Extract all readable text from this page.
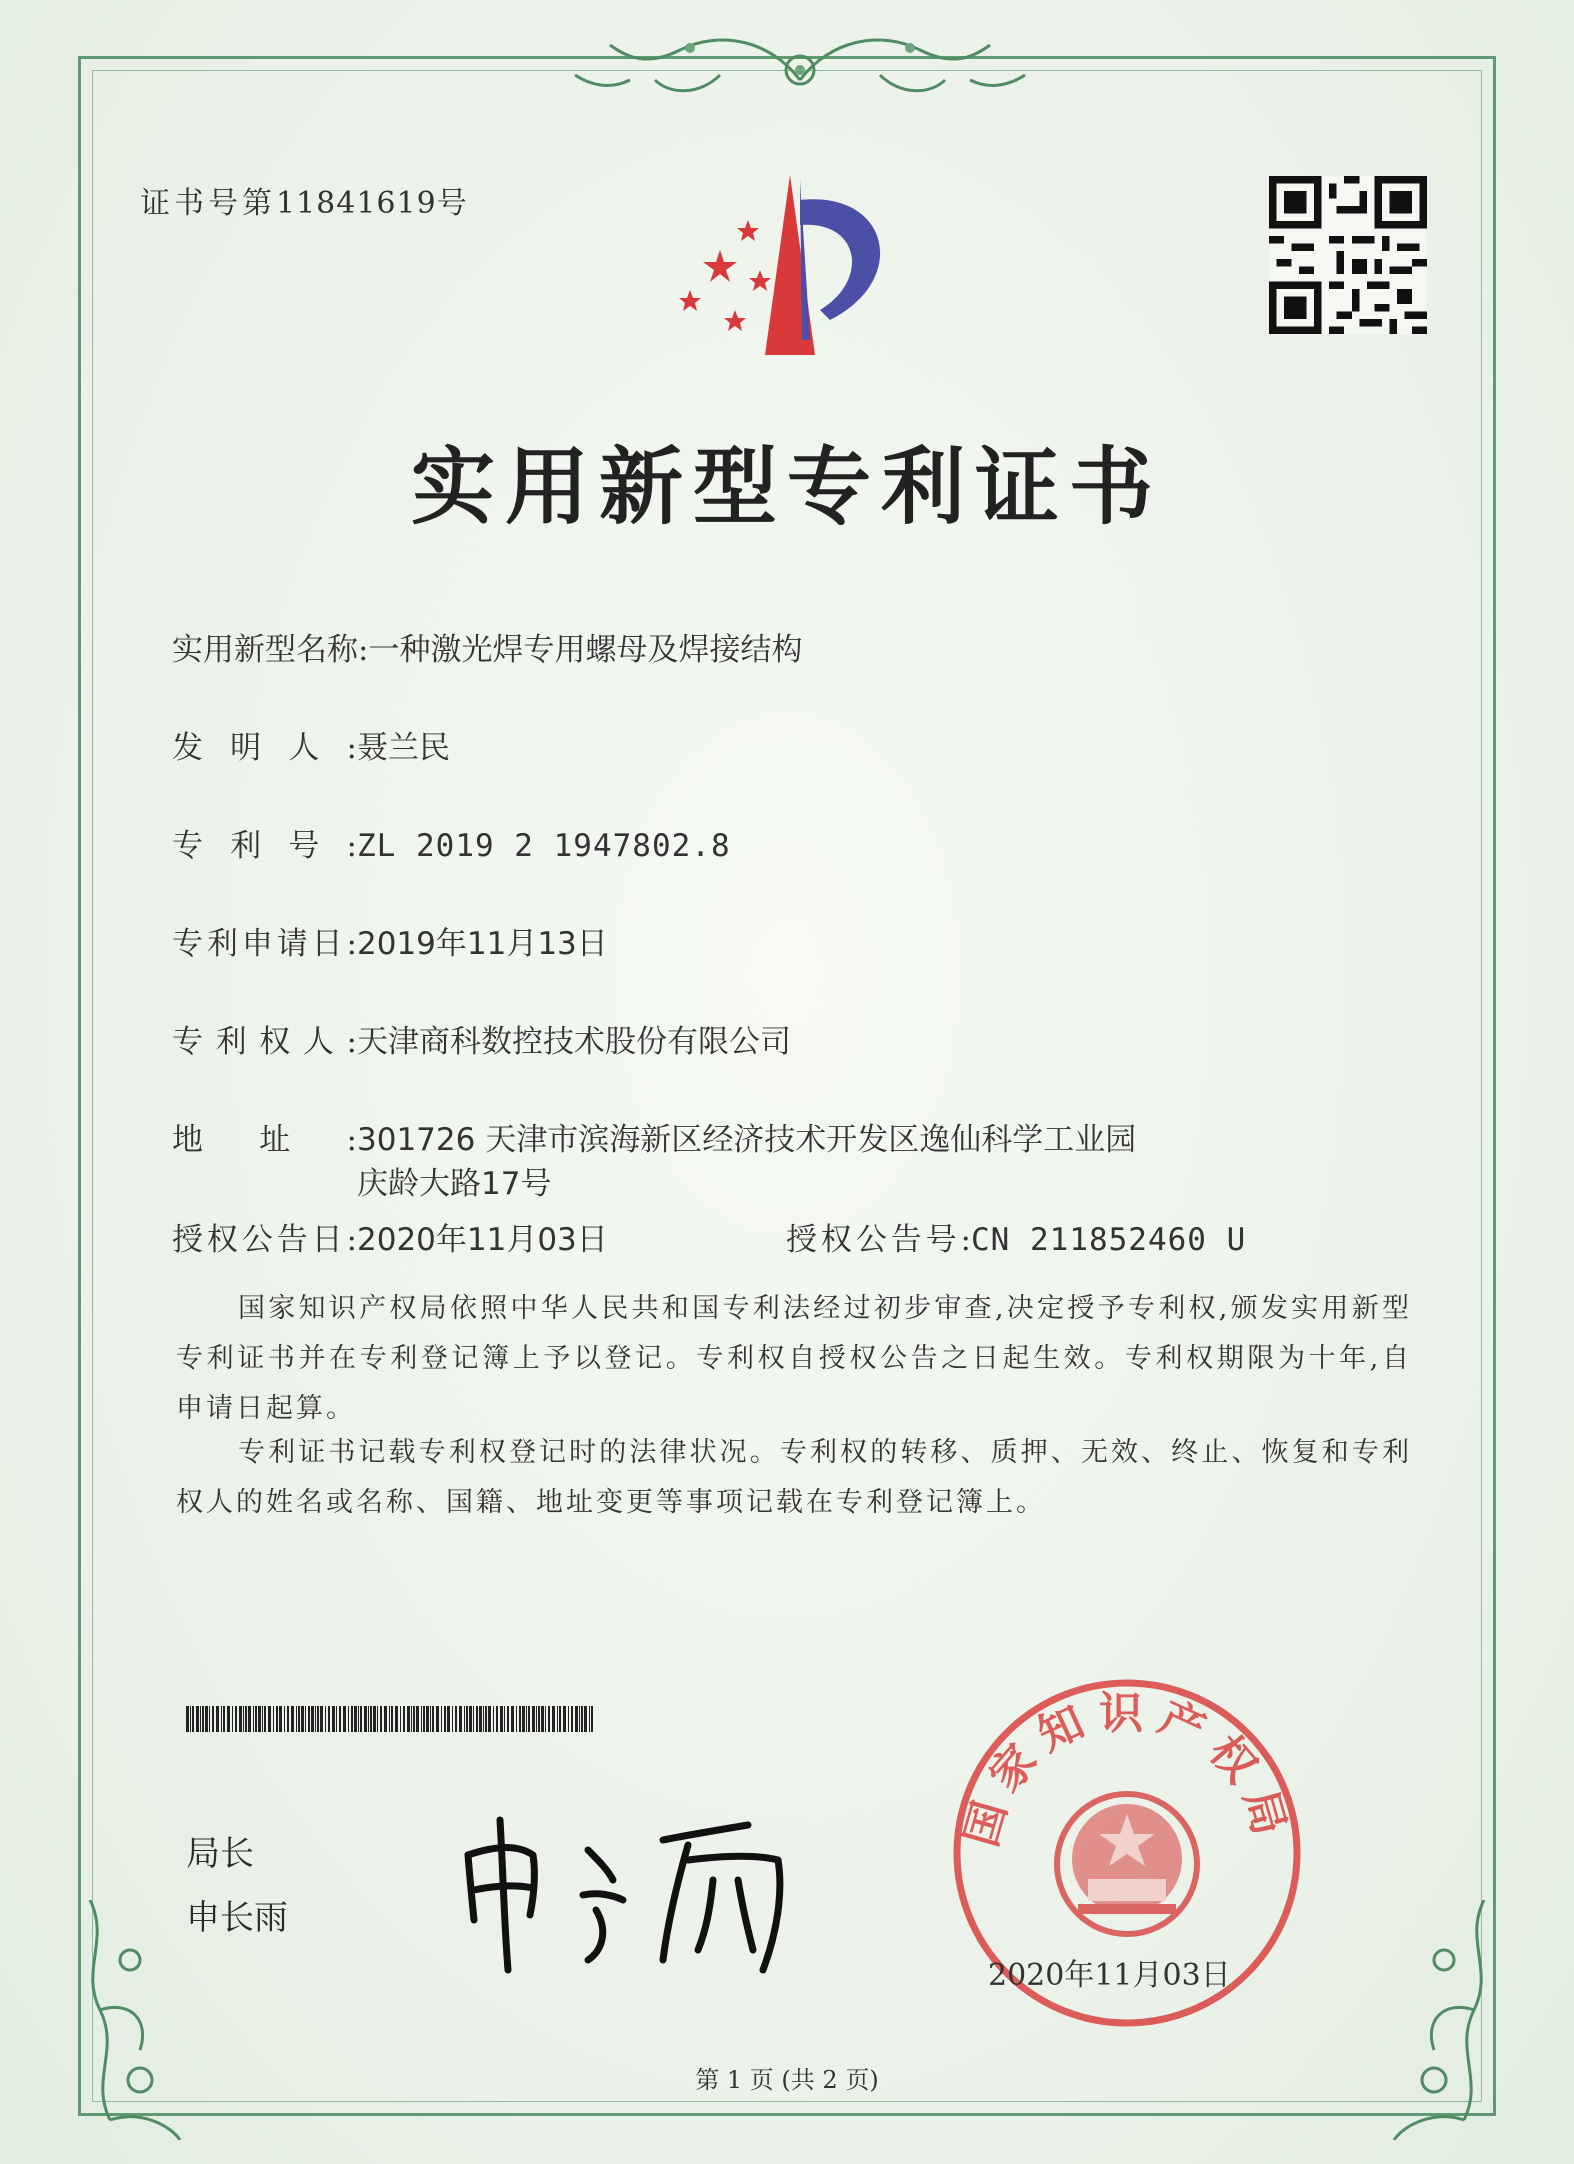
证书号第11841619号
实用新型专利证书
实用新型名称:一种激光焊专用螺母及焊接结构
发明人:聂兰民
专利号:ZL 2019 2 1947802.8
专利申请日:2019年11月13日
专利权人:天津商科数控技术股份有限公司
地址:301726 天津市滨海新区经济技术开发区逸仙科学工业园
庆龄大路17号
授权公告日:2020年11月03日	授权公告号:CN 211852460 U
国家知识产权局依照中华人民共和国专利法经过初步审查,决定授予专利权,颁发实用新型专利证书并在专利登记簿上予以登记。专利权自授权公告之日起生效。专利权期限为十年,自申请日起算。
专利证书记载专利权登记时的法律状况。专利权的转移、质押、无效、终止、恢复和专利权人的姓名或名称、国籍、地址变更等事项记载在专利登记簿上。
局长
申长雨
国家知识产权局
2020年11月03日
第 1 页 (共 2 页)
